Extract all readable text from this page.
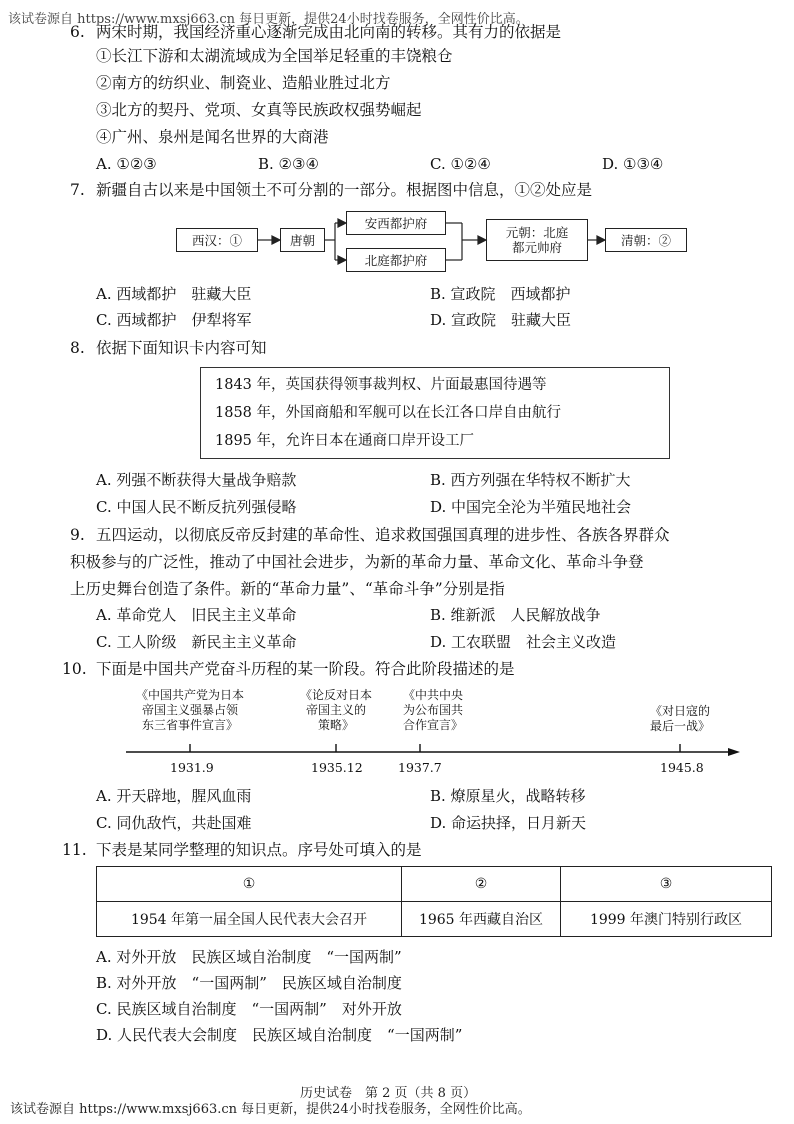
该试卷源自 https://www.mxsj663.cn 每日更新，提供24小时找卷服务，全网性价比高。
6. 两宋时期，我国经济重心逐渐完成由北向南的转移。其有力的依据是
①长江下游和太湖流域成为全国举足轻重的丰饶粮仓
②南方的纺织业、制瓷业、造船业胜过北方
③北方的契丹、党项、女真等民族政权强势崛起
④广州、泉州是闻名世界的大商港
A. ①②③	B. ②③④	C. ①②④	D. ①③④
7. 新疆自古以来是中国领土不可分割的一部分。根据图中信息，①②处应是
西汉：①	唐朝
安西都护府
北庭都护府
元朝：北庭
都元帅府	清朝：②
A. 西域都护　驻藏大臣	B. 宣政院　西域都护
C. 西域都护　伊犁将军	D. 宣政院　驻藏大臣
8. 依据下面知识卡内容可知
1843 年，英国获得领事裁判权、片面最惠国待遇等
1858 年，外国商船和军舰可以在长江各口岸自由航行
1895 年，允许日本在通商口岸开设工厂
A. 列强不断获得大量战争赔款	B. 西方列强在华特权不断扩大
C. 中国人民不断反抗列强侵略	D. 中国完全沦为半殖民地社会
9. 五四运动，以彻底反帝反封建的革命性、追求救国强国真理的进步性、各族各界群众
积极参与的广泛性，推动了中国社会进步，为新的革命力量、革命文化、革命斗争登
上历史舞台创造了条件。新的“革命力量”、“革命斗争”分别是指
A. 革命党人　旧民主主义革命	B. 维新派　人民解放战争
C. 工人阶级　新民主主义革命	D. 工农联盟　社会主义改造
10. 下面是中国共产党奋斗历程的某一阶段。符合此阶段描述的是
《中国共产党为日本
帝国主义强暴占领
东三省事件宣言》
《论反对日本
帝国主义的
策略》
《中共中央
为公布国共
合作宣言》
《对日寇的
最后一战》
1931.9	1935.12	1937.7	1945.8
A. 开天辟地，腥风血雨	B. 燎原星火，战略转移
C. 同仇敌忾，共赴国难	D. 命运抉择，日月新天
11. 下表是某同学整理的知识点。序号处可填入的是
①	②	③
1954 年第一届全国人民代表大会召开	1965 年西藏自治区	1999 年澳门特别行政区
A. 对外开放　民族区域自治制度　“一国两制”
B. 对外开放　“一国两制”　民族区域自治制度
C. 民族区域自治制度　“一国两制”　对外开放
D. 人民代表大会制度　民族区域自治制度　“一国两制”
历史试卷　第 2 页（共 8 页）
该试卷源自 https://www.mxsj663.cn 每日更新，提供24小时找卷服务，全网性价比高。
